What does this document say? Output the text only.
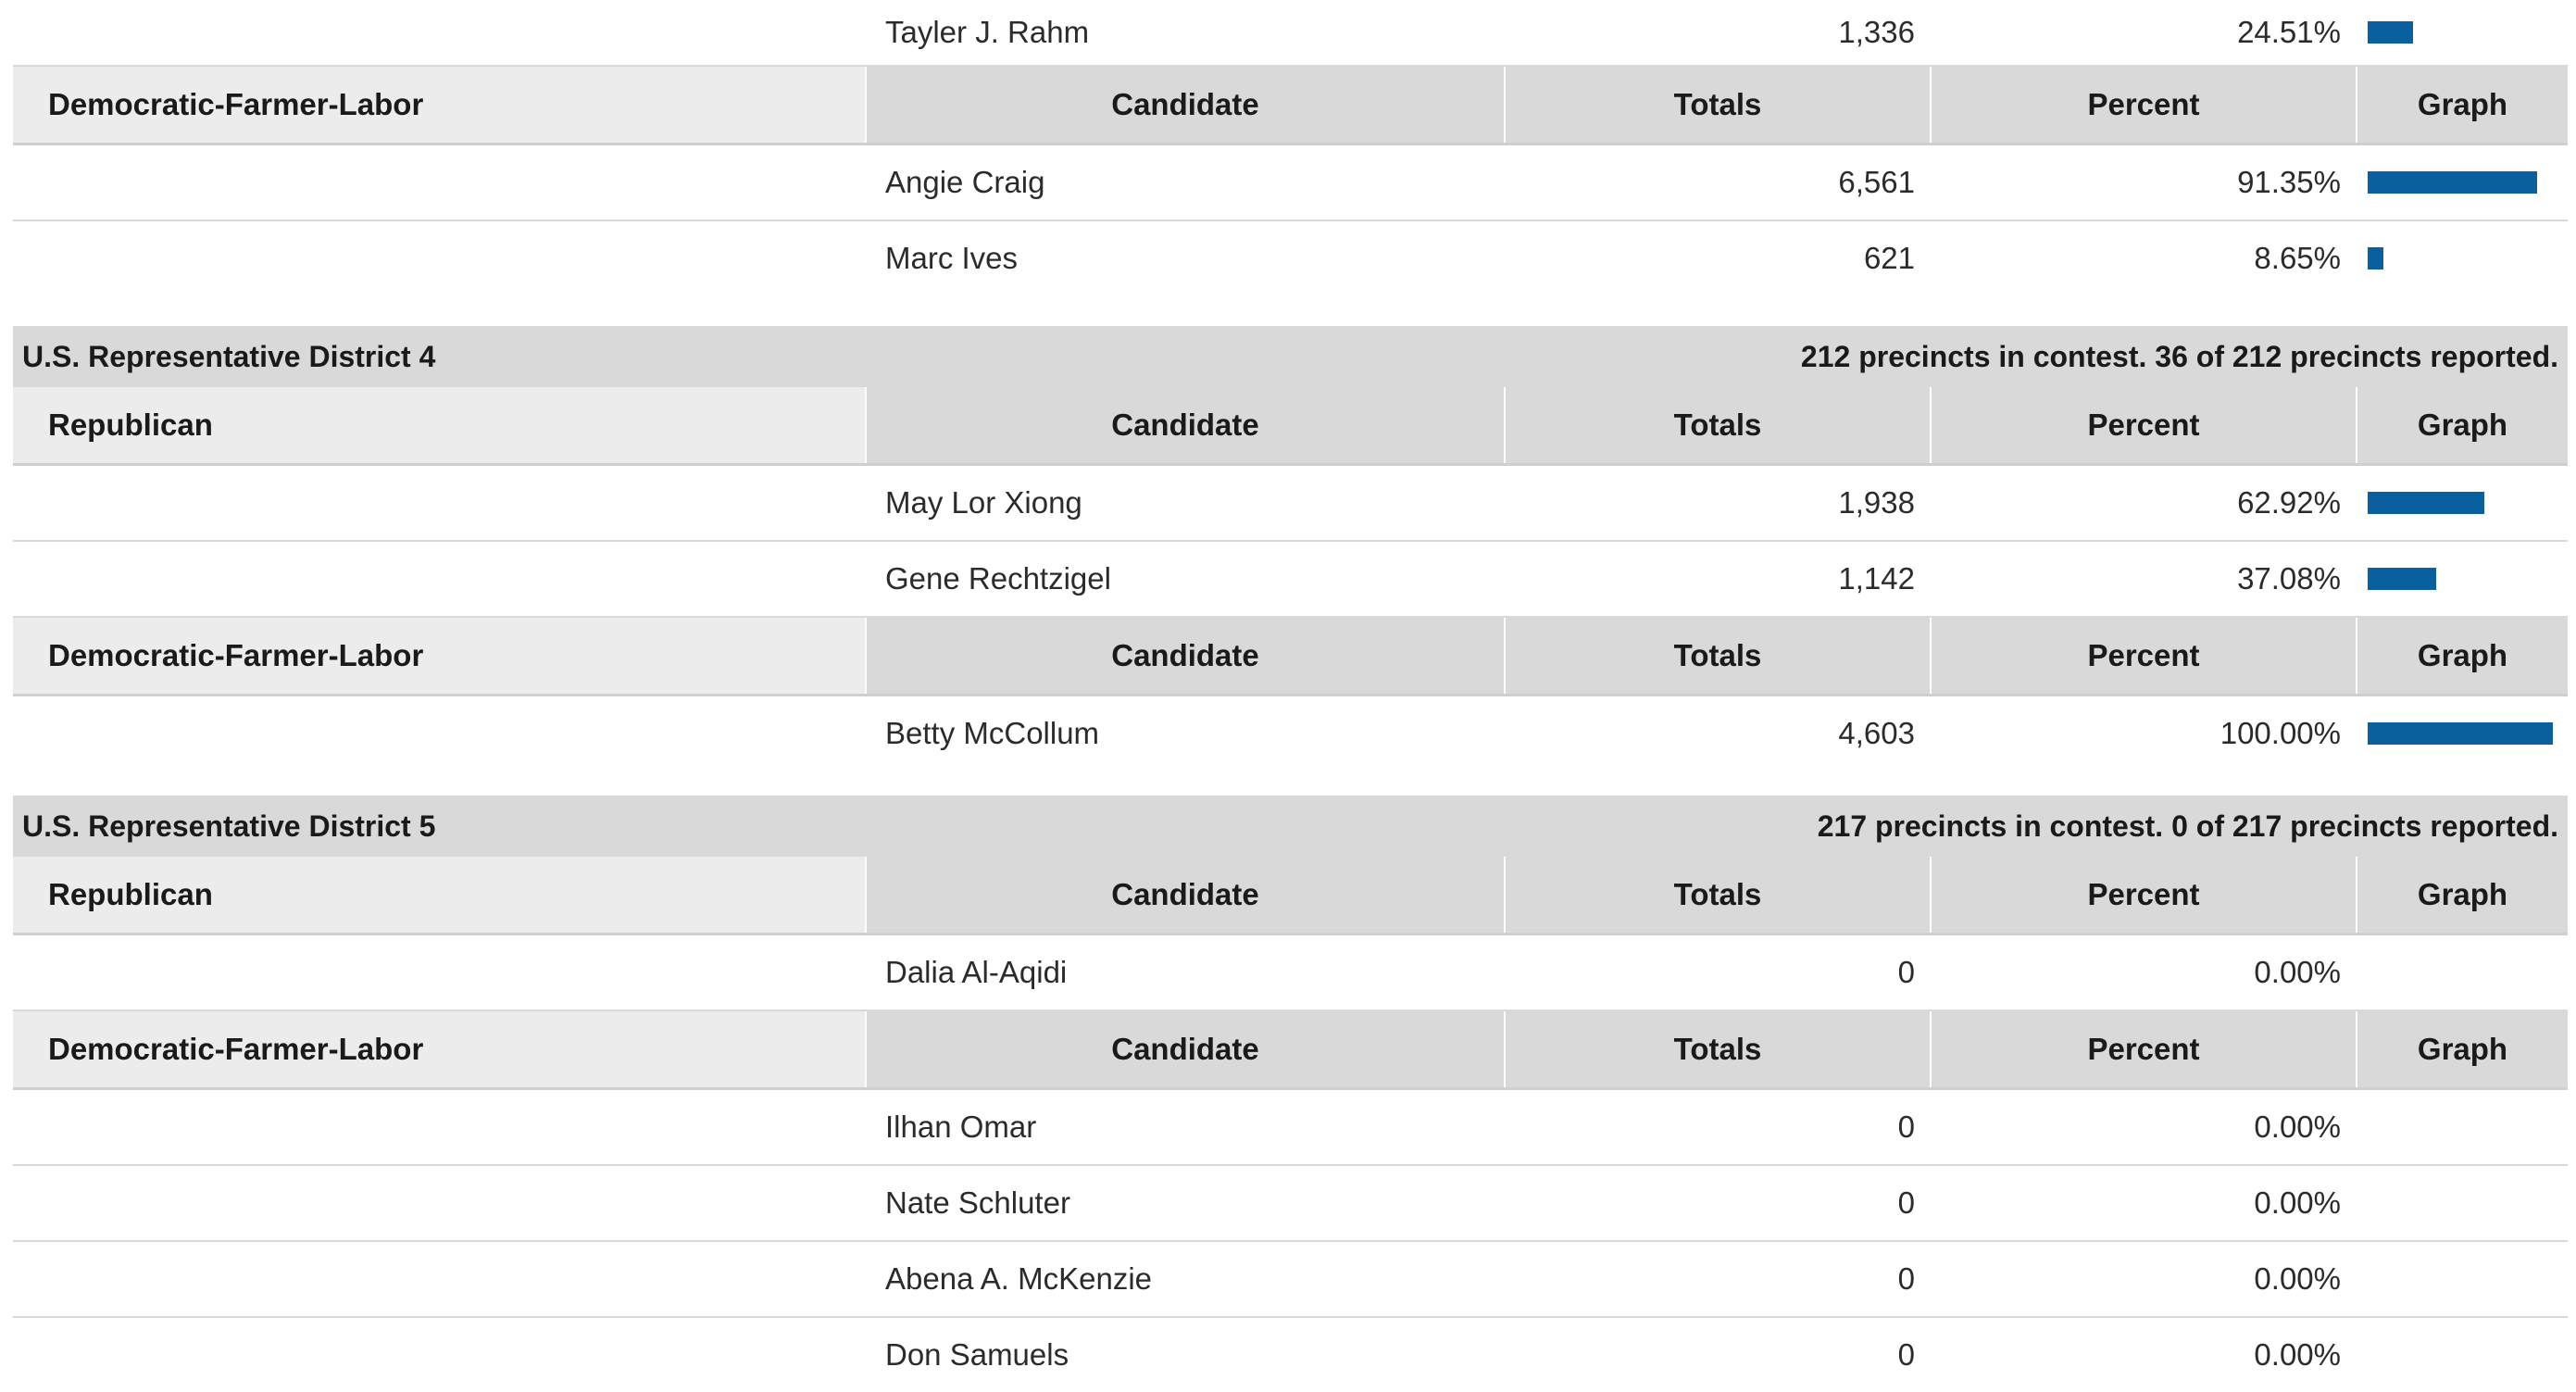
Tayler J. Rahm	1,336	24.51%
Democratic-Farmer-Labor	Candidate	Totals	Percent	Graph
Angie Craig	6,561	91.35%
Marc Ives	621	8.65%
U.S. Representative District 4	212 precincts in contest. 36 of 212 precincts reported.
Republican	Candidate	Totals	Percent	Graph
May Lor Xiong	1,938	62.92%
Gene Rechtzigel	1,142	37.08%
Democratic-Farmer-Labor	Candidate	Totals	Percent	Graph
Betty McCollum	4,603	100.00%
U.S. Representative District 5	217 precincts in contest. 0 of 217 precincts reported.
Republican	Candidate	Totals	Percent	Graph
Dalia Al-Aqidi	0	0.00%
Democratic-Farmer-Labor	Candidate	Totals	Percent	Graph
Ilhan Omar	0	0.00%
Nate Schluter	0	0.00%
Abena A. McKenzie	0	0.00%
Don Samuels	0	0.00%
